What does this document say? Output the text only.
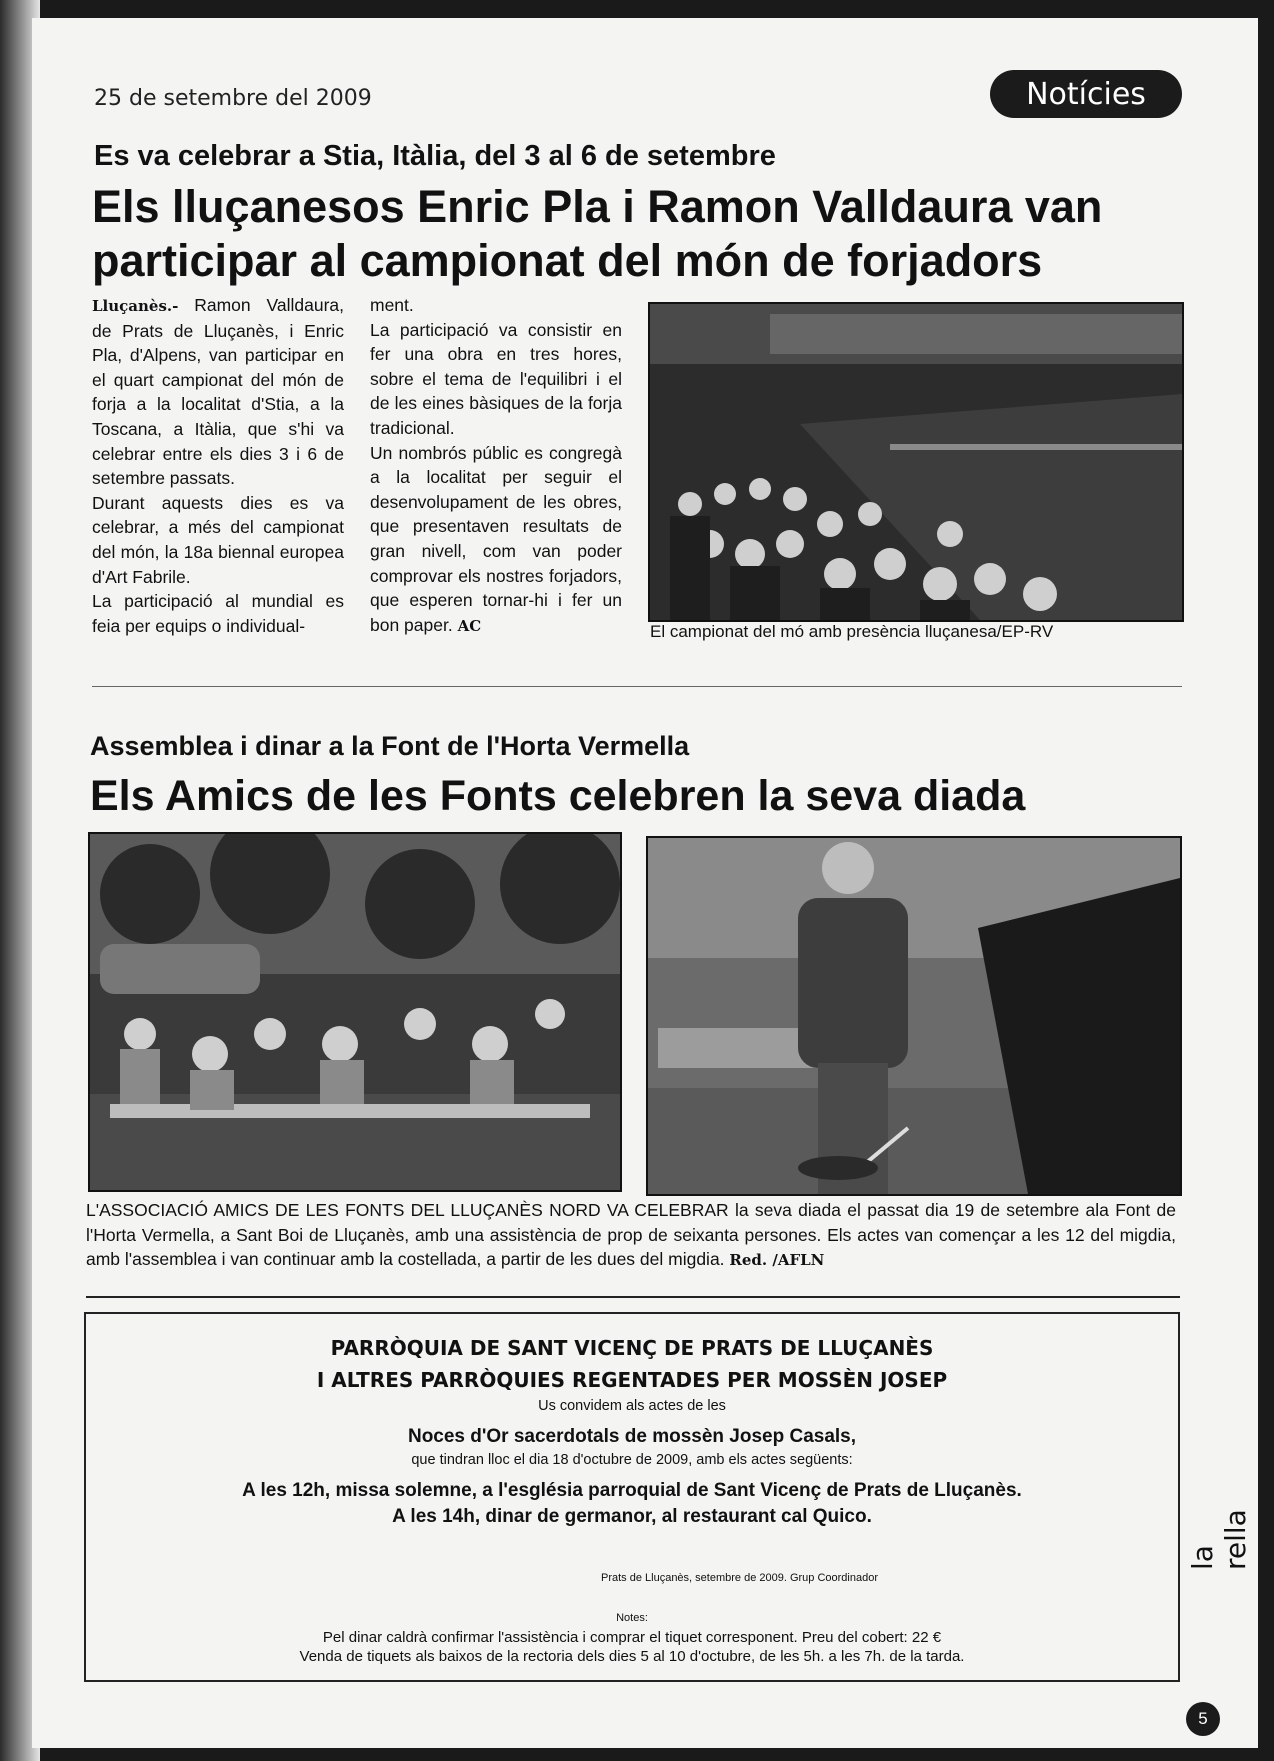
25 de setembre del 2009	Notícies
Es va celebrar a Stia, Itàlia, del 3 al 6 de setembre
Els lluçanesos Enric Pla i Ramon Valldaura van participar al campionat del món de forjadors

Lluçanès.- Ramon Valldaura, de Prats de Lluçanès, i Enric Pla, d'Alpens, van participar en el quart campionat del món de forja a la localitat d'Stia, a la Toscana, a Itàlia, que s'hi va celebrar entre els dies 3 i 6 de setembre passats.

Durant aquests dies es va celebrar, a més del campionat del món, la 18a biennal europea d'Art Fabrile.

La participació al mundial es feia per equips o individual-

ment.

La participació va consistir en fer una obra en tres hores, sobre el tema de l'equilibri i el de les eines bàsiques de la forja tradicional.

Un nombrós públic es congregà a la localitat per seguir el desenvolupament de les obres, que presentaven resultats de gran nivell, com van poder comprovar els nostres forjadors, que esperen tornar-hi i fer un bon paper. AC	El campionat del mó amb presència lluçanesa/EP-RV
Assemblea i dinar a la Font de l'Horta Vermella
Els Amics de les Fonts celebren la seva diada
L'ASSOCIACIÓ AMICS DE LES FONTS DEL LLUÇANÈS NORD VA CELEBRAR la seva diada el passat dia 19 de setembre ala Font de l'Horta Vermella, a Sant Boi de Lluçanès, amb una assistència de prop de seixanta persones. Els actes van començar a les 12 del migdia, amb l'assemblea i van continuar amb la costellada, a partir de les dues del migdia. Red. /AFLN
PARRÒQUIA DE SANT VICENÇ DE PRATS DE LLUÇANÈS
I ALTRES PARRÒQUIES REGENTADES PER MOSSÈN JOSEP
Us convidem als actes de les
Noces d'Or sacerdotals de mossèn Josep Casals,
que tindran lloc el dia 18 d'octubre de 2009, amb els actes següents:
A les 12h, missa solemne, a l'església parroquial de Sant Vicenç de Prats de Lluçanès.
A les 14h, dinar de germanor, al restaurant cal Quico.
Prats de Lluçanès, setembre de 2009. Grup Coordinador
Notes:
Pel dinar caldrà confirmar l'assistència i comprar el tiquet corresponent. Preu del cobert: 22 €
Venda de tiquets als baixos de la rectoria dels dies 5 al 10 d'octubre, de les 5h. a les 7h. de la tarda.
la rella
5
